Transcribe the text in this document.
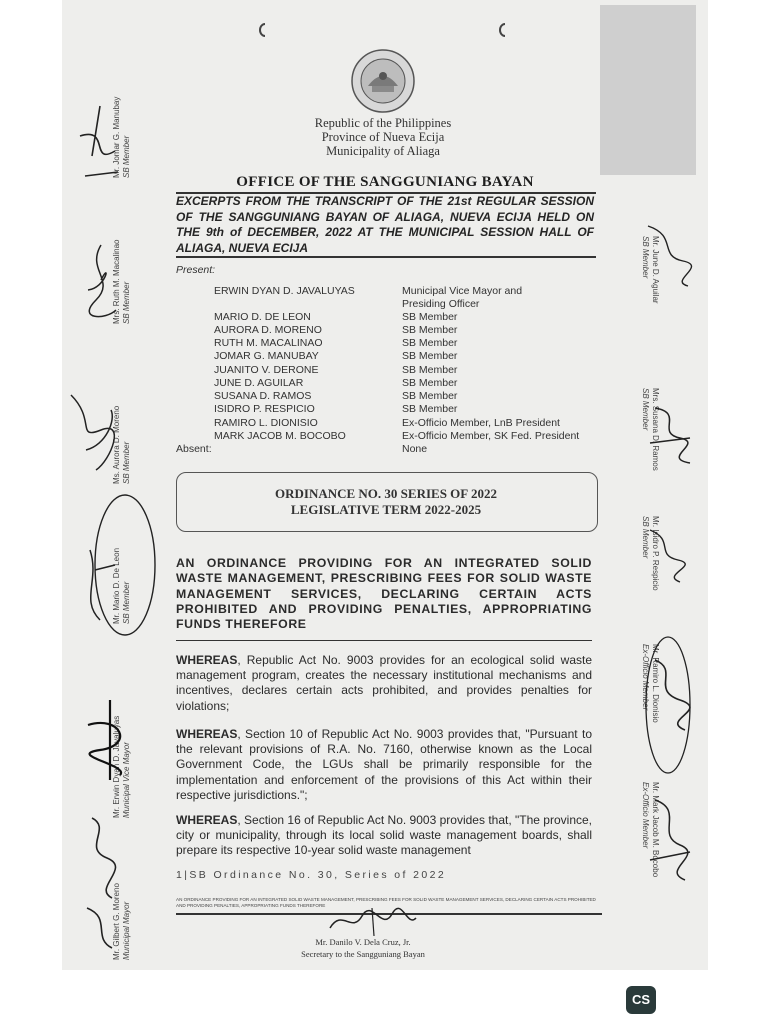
Republic of the Philippines
Province of Nueva Ecija
Municipality of Aliaga
OFFICE OF THE SANGGUNIANG BAYAN
EXCERPTS FROM THE TRANSCRIPT OF THE 21st REGULAR SESSION OF THE SANGGUNIANG BAYAN OF ALIAGA, NUEVA ECIJA HELD ON THE 9th of DECEMBER, 2022 AT THE MUNICIPAL SESSION HALL OF ALIAGA, NUEVA ECIJA
Present:
ERWIN DYAN D. JAVALUYAS	Municipal Vice Mayor and
Presiding Officer
MARIO D. DE LEON	SB Member
AURORA D. MORENO	SB Member
RUTH M. MACALINAO	SB Member
JOMAR G. MANUBAY	SB Member
JUANITO V. DERONE	SB Member
JUNE D. AGUILAR	SB Member
SUSANA D. RAMOS	SB Member
ISIDRO P. RESPICIO	SB Member
RAMIRO L. DIONISIO	Ex-Officio Member, LnB President
MARK JACOB M. BOCOBO	Ex-Officio Member, SK Fed. President
Absent:	None
ORDINANCE NO. 30 SERIES OF 2022
LEGISLATIVE TERM 2022-2025
AN ORDINANCE PROVIDING FOR AN INTEGRATED SOLID WASTE MANAGEMENT, PRESCRIBING FEES FOR SOLID WASTE MANAGEMENT SERVICES, DECLARING CERTAIN ACTS PROHIBITED AND PROVIDING PENALTIES, APPROPRIATING FUNDS THEREFORE
WHEREAS, Republic Act No. 9003 provides for an ecological solid waste management program, creates the necessary institutional mechanisms and incentives, declares certain acts prohibited, and provides penalties for violations;
WHEREAS, Section 10 of Republic Act No. 9003 provides that, "Pursuant to the relevant provisions of R.A. No. 7160, otherwise known as the Local Government Code, the LGUs shall be primarily responsible for the implementation and enforcement of the provisions of this Act within their respective jurisdictions.";
WHEREAS, Section 16 of Republic Act No. 9003 provides that, "The province, city or municipality, through its local solid waste management boards, shall prepare its respective 10-year solid waste management
1|SB Ordinance No. 30, Series of 2022
AN ORDINANCE PROVIDING FOR AN INTEGRATED SOLID WASTE MANAGEMENT, PRESCRIBING FEES FOR SOLID WASTE MANAGEMENT SERVICES, DECLARING CERTAIN ACTS PROHIBITED AND PROVIDING PENALTIES, APPROPRIATING FUNDS THEREFORE
Mr. Danilo V. Dela Cruz, Jr.
Secretary to the Sangguniang Bayan
Mr. Jomar G. Manubay
SB Member
Mrs. Ruth M. Macalinao
SB Member
Ms. Aurora D. Moreno
SB Member
Mr. Mario D. De Leon
SB Member
Mr. Erwin Dyan D. Javaluyas
Municipal Vice Mayor
Mr. Gilbert G. Moreno
Municipal Mayor
Mr. June D. Aguilar
SB Member
Mrs. Susana D. Ramos
SB Member
Mr. Isidro P. Respicio
SB Member
Mr. Ramiro L. Dionisio
Ex-Officio Member
Mr. Mark Jacob M. Bocobo
Ex-Officio Member
CS
